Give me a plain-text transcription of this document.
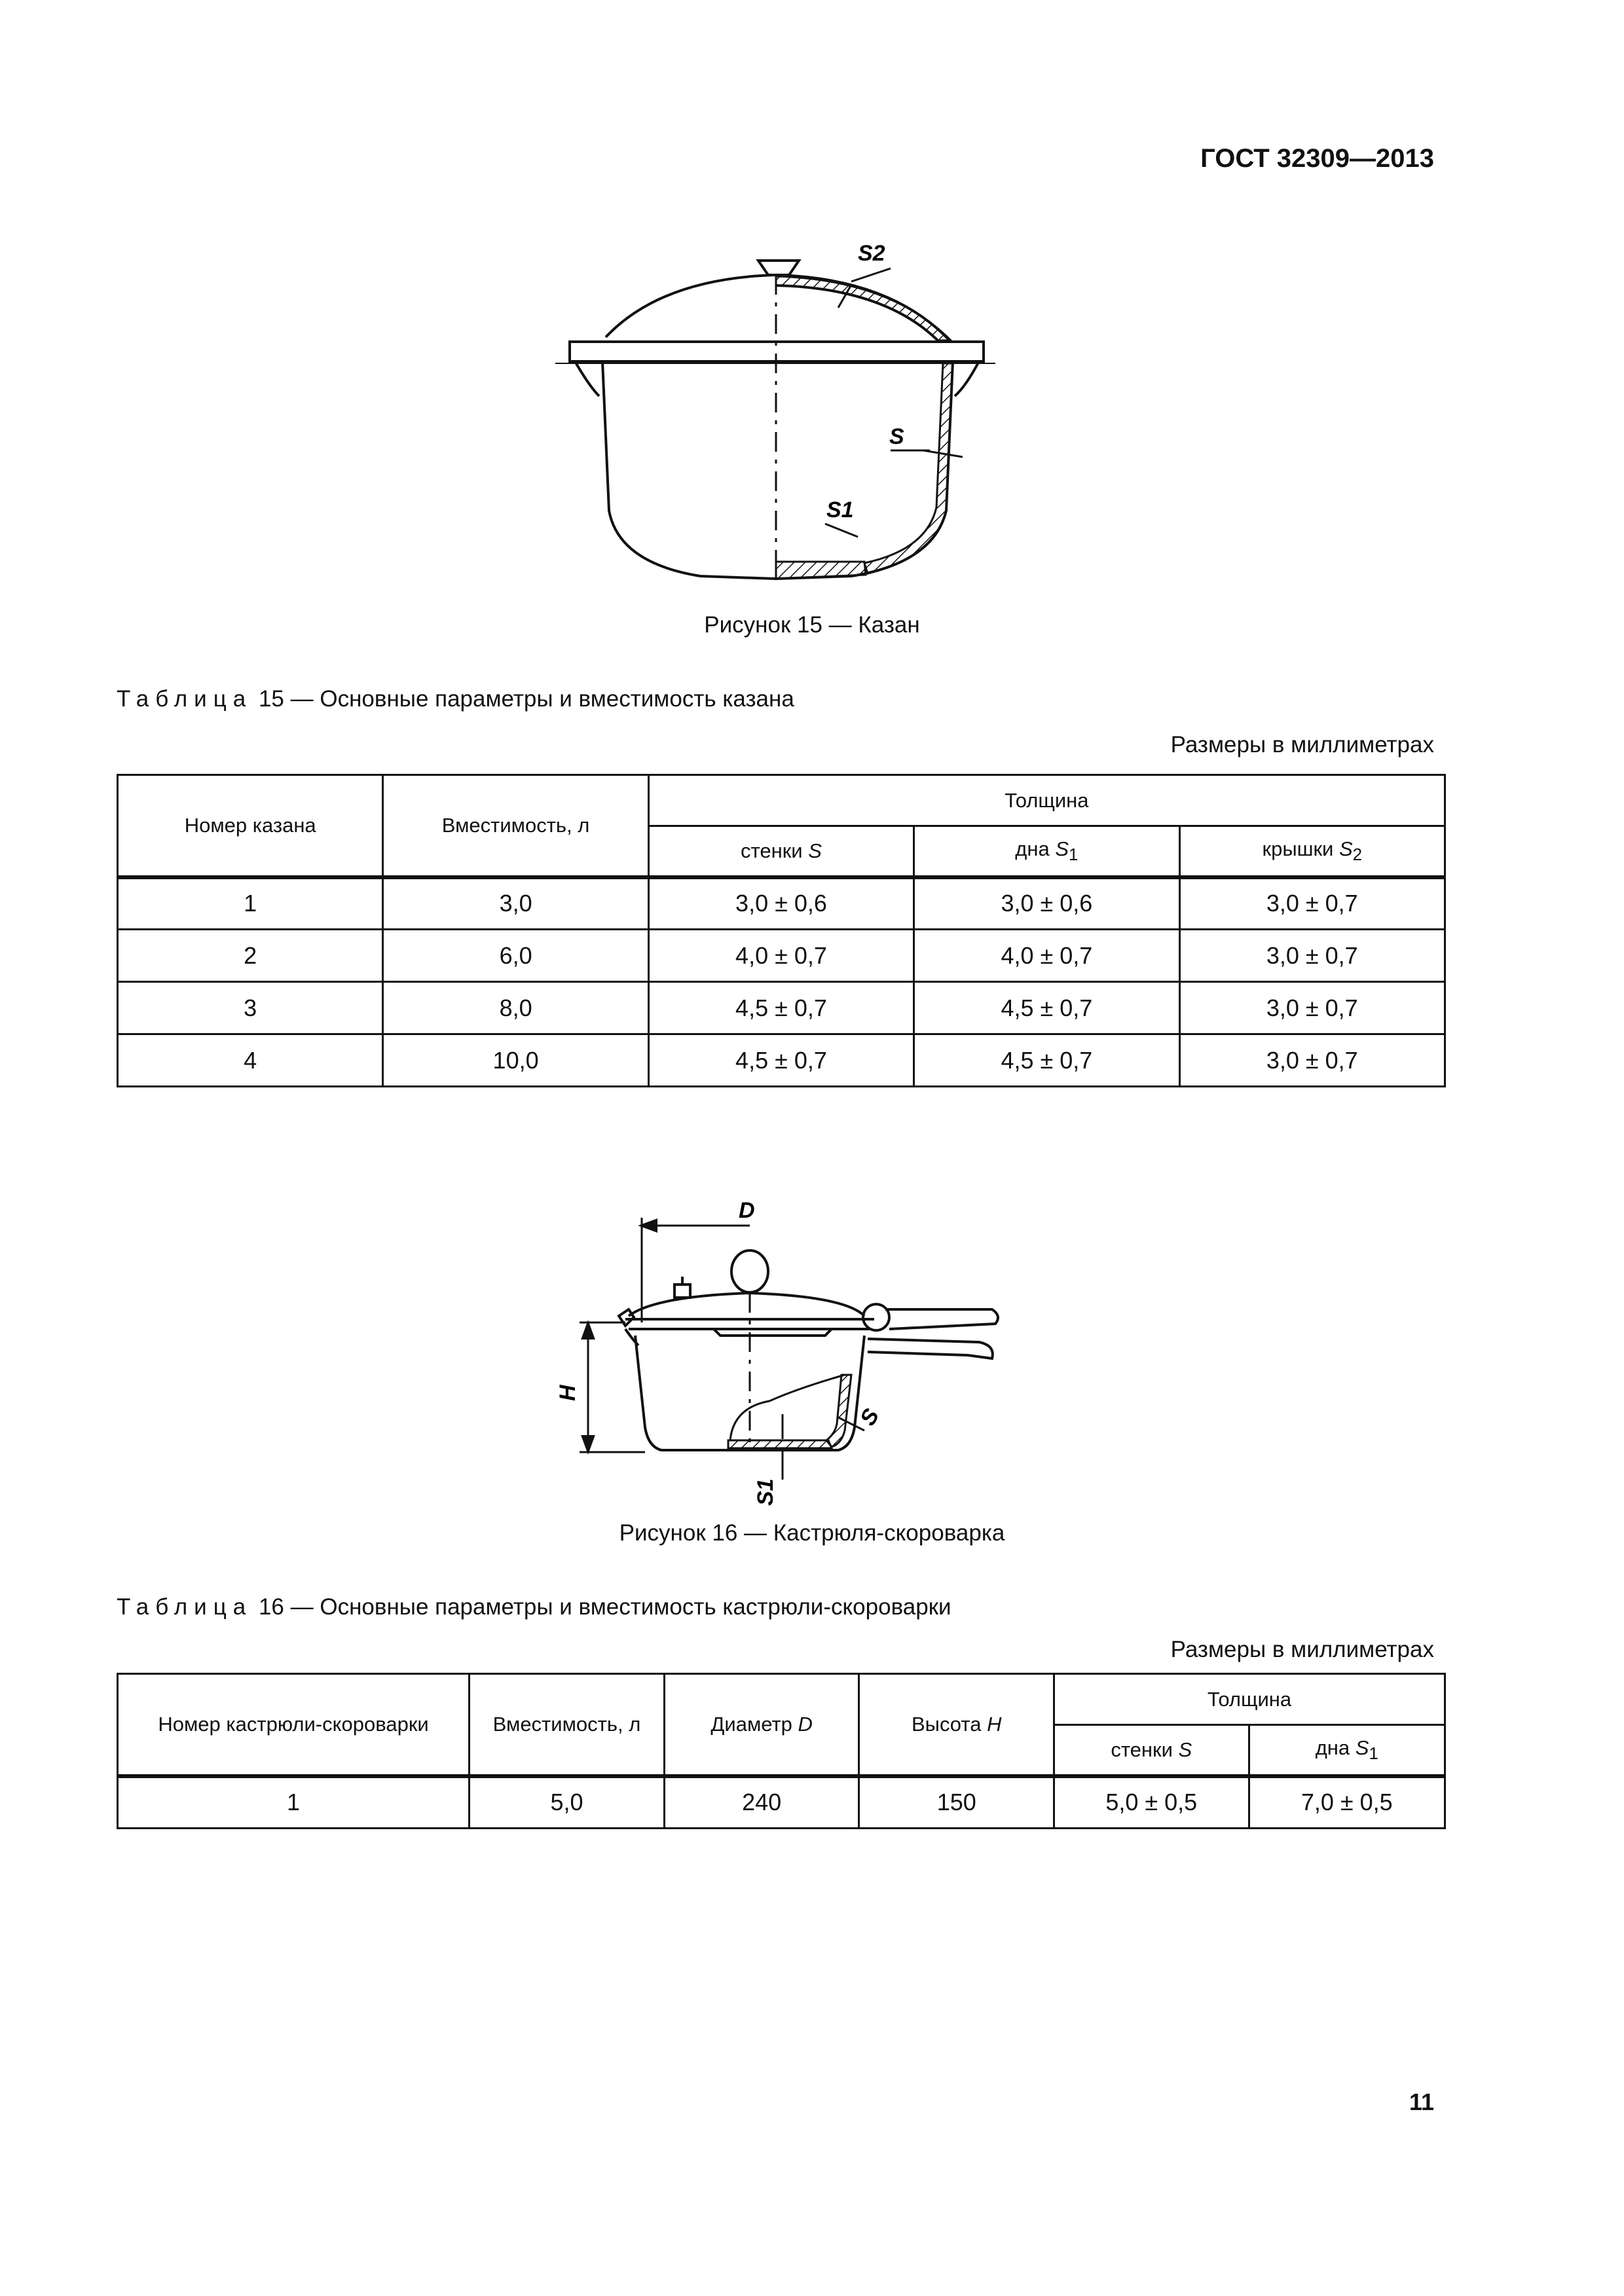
ГОСТ 32309—2013
S2
S
S1
Рисунок 15 — Казан
Таблица 15 — Основные параметры и вместимость казана
Размеры в миллиметрах
Номер казана	Вместимость, л	Толщина		
		стенки S	дна $S_1$	крышки $S_2$
1	3,0	3,0 ± 0,6	3,0 ± 0,6	3,0 ± 0,7
2	6,0	4,0 ± 0,7	4,0 ± 0,7	3,0 ± 0,7
3	8,0	4,5 ± 0,7	4,5 ± 0,7	3,0 ± 0,7
4	10,0	4,5 ± 0,7	4,5 ± 0,7	3,0 ± 0,7
D
H
S
S1
Рисунок 16 — Кастрюля-скороварка
Таблица 16 — Основные параметры и вместимость кастрюли-скороварки
Размеры в миллиметрах
Номер кастрюли-скороварки	Вместимость, л	Диаметр D	Высота H	Толщина	
				стенки S	дна $S_1$
1	5,0	240	150	5,0 ± 0,5	7,0 ± 0,5
11
